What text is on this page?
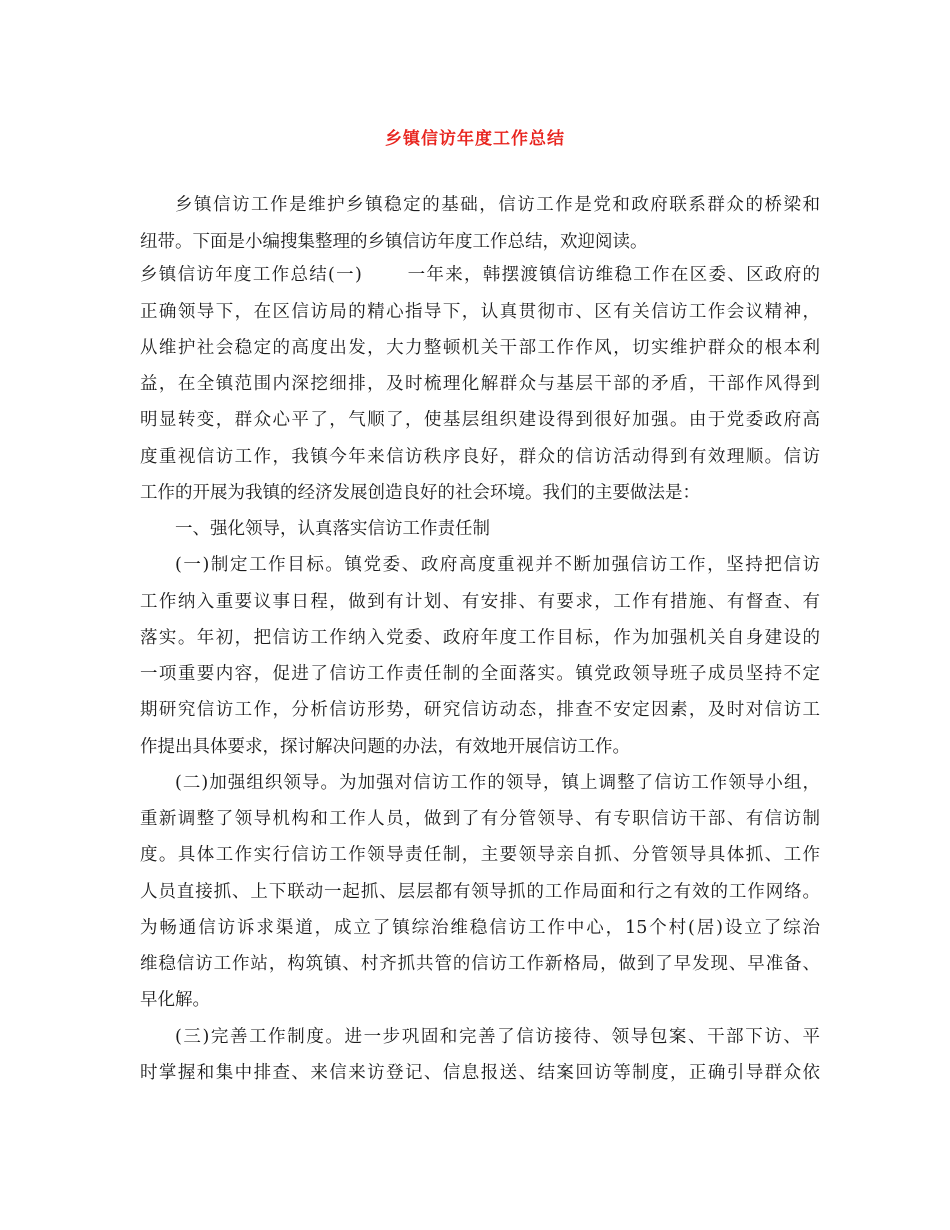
乡镇信访年度工作总结
乡镇信访工作是维护乡镇稳定的基础，信访工作是党和政府联系群众的桥梁和
纽带。下面是小编搜集整理的乡镇信访年度工作总结，欢迎阅读。
乡镇信访年度工作总结(一)　　 一年来，韩摆渡镇信访维稳工作在区委、区政府的
正确领导下，在区信访局的精心指导下，认真贯彻市、区有关信访工作会议精神，
从维护社会稳定的高度出发，大力整顿机关干部工作作风，切实维护群众的根本利
益，在全镇范围内深挖细排，及时梳理化解群众与基层干部的矛盾，干部作风得到
明显转变，群众心平了，气顺了，使基层组织建设得到很好加强。由于党委政府高
度重视信访工作，我镇今年来信访秩序良好，群众的信访活动得到有效理顺。信访
工作的开展为我镇的经济发展创造良好的社会环境。我们的主要做法是：
一、强化领导，认真落实信访工作责任制
(一)制定工作目标。镇党委、政府高度重视并不断加强信访工作，坚持把信访
工作纳入重要议事日程，做到有计划、有安排、有要求，工作有措施、有督查、有
落实。年初，把信访工作纳入党委、政府年度工作目标，作为加强机关自身建设的
一项重要内容，促进了信访工作责任制的全面落实。镇党政领导班子成员坚持不定
期研究信访工作，分析信访形势，研究信访动态，排查不安定因素，及时对信访工
作提出具体要求，探讨解决问题的办法，有效地开展信访工作。
(二)加强组织领导。为加强对信访工作的领导，镇上调整了信访工作领导小组，
重新调整了领导机构和工作人员，做到了有分管领导、有专职信访干部、有信访制
度。具体工作实行信访工作领导责任制，主要领导亲自抓、分管领导具体抓、工作
人员直接抓、上下联动一起抓、层层都有领导抓的工作局面和行之有效的工作网络。
为畅通信访诉求渠道，成立了镇综治维稳信访工作中心，15个村(居)设立了综治
维稳信访工作站，构筑镇、村齐抓共管的信访工作新格局，做到了早发现、早准备、
早化解。
(三)完善工作制度。进一步巩固和完善了信访接待、领导包案、干部下访、平
时掌握和集中排查、来信来访登记、信息报送、结案回访等制度，正确引导群众依
